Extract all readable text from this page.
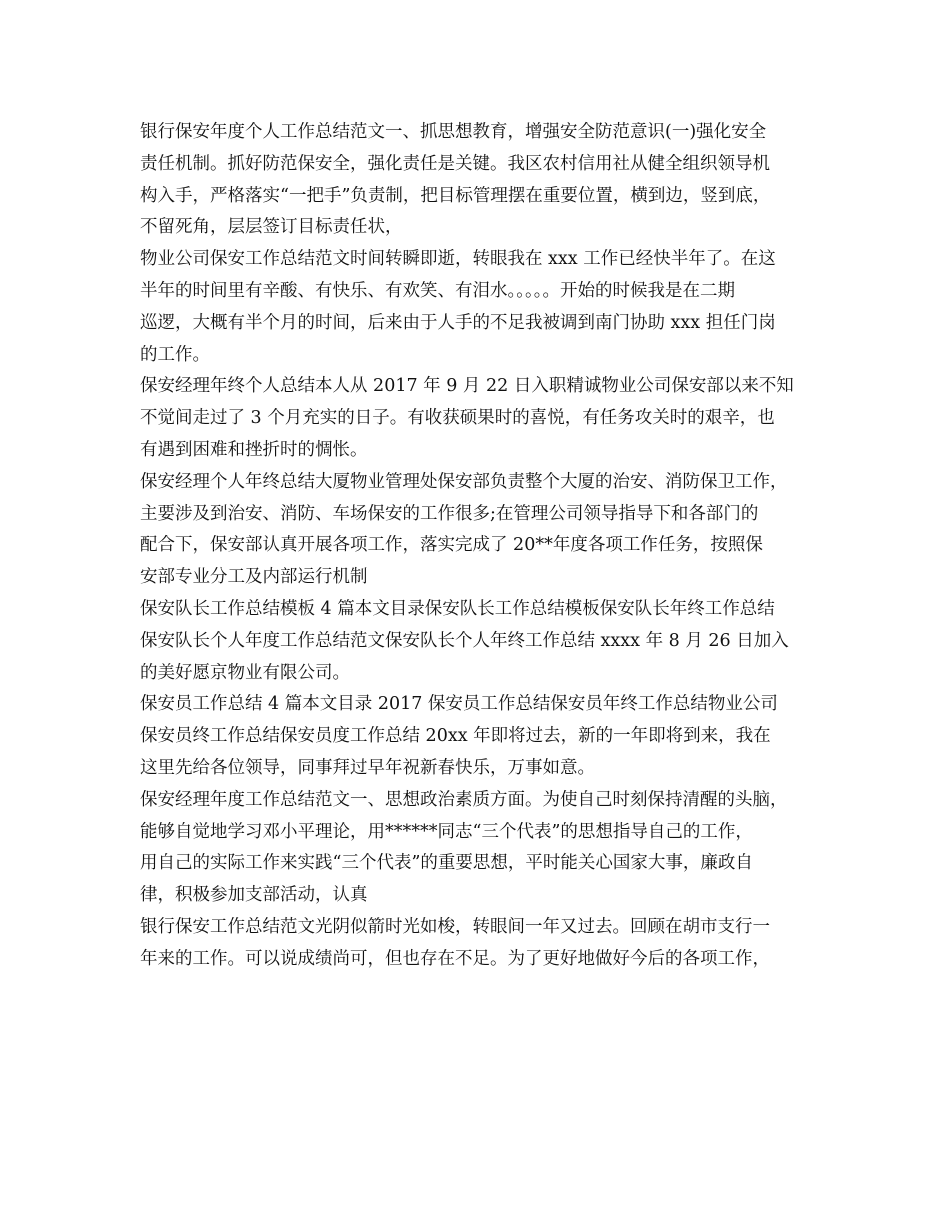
银行保安年度个人工作总结范文一、抓思想教育，增强安全防范意识(一)强化安全
责任机制。抓好防范保安全，强化责任是关键。我区农村信用社从健全组织领导机
构入手，严格落实“一把手”负责制，把目标管理摆在重要位置，横到边，竖到底，
不留死角，层层签订目标责任状，
物业公司保安工作总结范文时间转瞬即逝，转眼我在 xxx 工作已经快半年了。在这
半年的时间里有辛酸、有快乐、有欢笑、有泪水。。。。。开始的时候我是在二期
巡逻，大概有半个月的时间，后来由于人手的不足我被调到南门协助 xxx 担任门岗
的工作。
保安经理年终个人总结本人从 2017 年 9 月 22 日入职精诚物业公司保安部以来不知
不觉间走过了 3 个月充实的日子。有收获硕果时的喜悦，有任务攻关时的艰辛，也
有遇到困难和挫折时的惆怅。
保安经理个人年终总结大厦物业管理处保安部负责整个大厦的治安、消防保卫工作，
主要涉及到治安、消防、车场保安的工作很多;在管理公司领导指导下和各部门的
配合下，保安部认真开展各项工作，落实完成了 20**年度各项工作任务，按照保
安部专业分工及内部运行机制
保安队长工作总结模板 4 篇本文目录保安队长工作总结模板保安队长年终工作总结
保安队长个人年度工作总结范文保安队长个人年终工作总结 xxxx 年 8 月 26 日加入
的美好愿京物业有限公司。
保安员工作总结 4 篇本文目录 2017 保安员工作总结保安员年终工作总结物业公司
保安员终工作总结保安员度工作总结 20xx 年即将过去，新的一年即将到来，我在
这里先给各位领导，同事拜过早年祝新春快乐，万事如意。
保安经理年度工作总结范文一、思想政治素质方面。为使自己时刻保持清醒的头脑，
能够自觉地学习邓小平理论，用******同志“三个代表”的思想指导自己的工作，
用自己的实际工作来实践“三个代表”的重要思想，平时能关心国家大事，廉政自
律，积极参加支部活动，认真
银行保安工作总结范文光阴似箭时光如梭，转眼间一年又过去。回顾在胡市支行一
年来的工作。可以说成绩尚可，但也存在不足。为了更好地做好今后的各项工作，
